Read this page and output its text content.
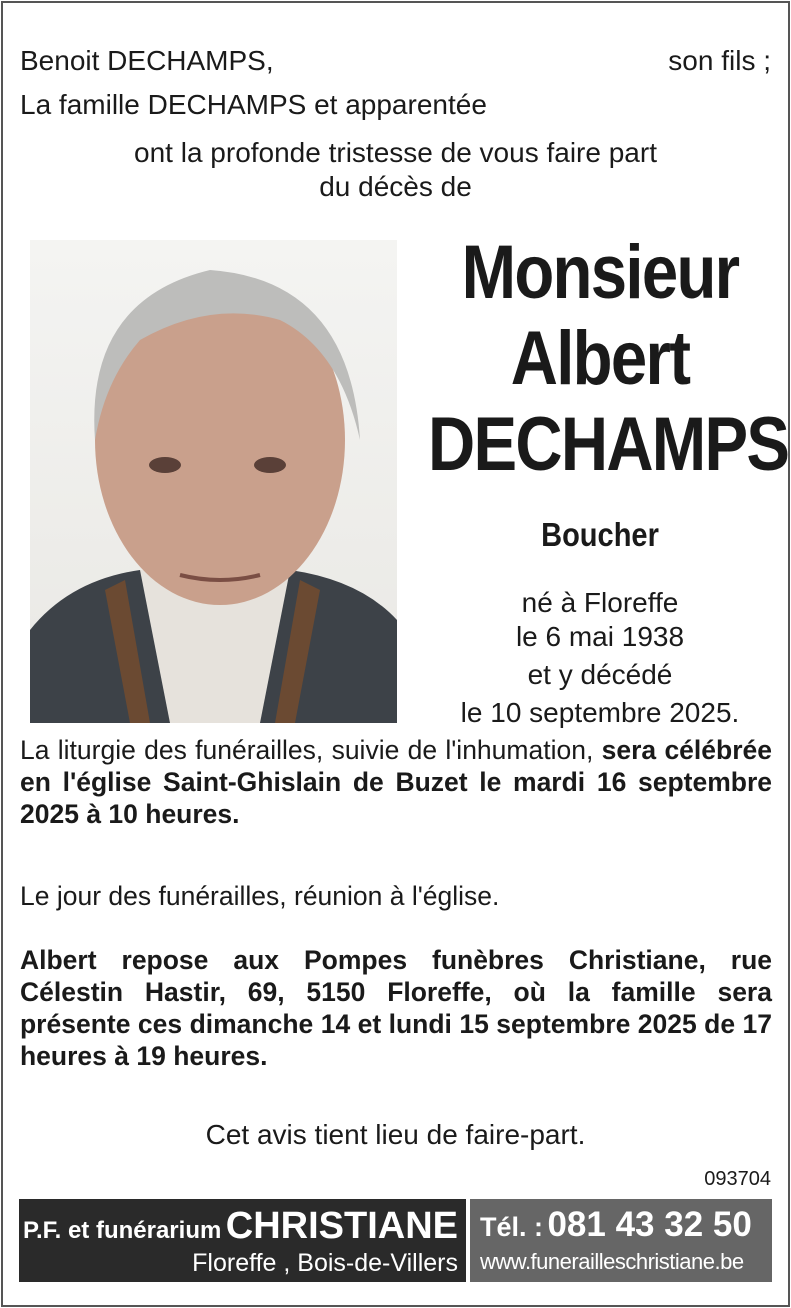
Benoit DECHAMPS,	son fils ;
La famille DECHAMPS et apparentée
ont la profonde tristesse de vous faire part
du décès de
Monsieur
Albert
DECHAMPS
Boucher
né à Floreffe
le 6 mai 1938
et y décédé
le 10 septembre 2025.
La liturgie des funérailles, suivie de l'inhumation, sera célébrée en l'église Saint-Ghislain de Buzet le mardi 16 septembre 2025 à 10 heures.
Le jour des funérailles, réunion à l'église.
Albert repose aux Pompes funèbres Christiane, rue Célestin Hastir, 69, 5150 Floreffe, où la famille sera présente ces dimanche 14 et lundi 15 septembre 2025 de 17 heures à 19 heures.
Cet avis tient lieu de faire-part.
093704
P.F. et funérarium CHRISTIANE
Floreffe , Bois-de-Villers
Tél. : 081 43 32 50
www.funerailleschristiane.be
